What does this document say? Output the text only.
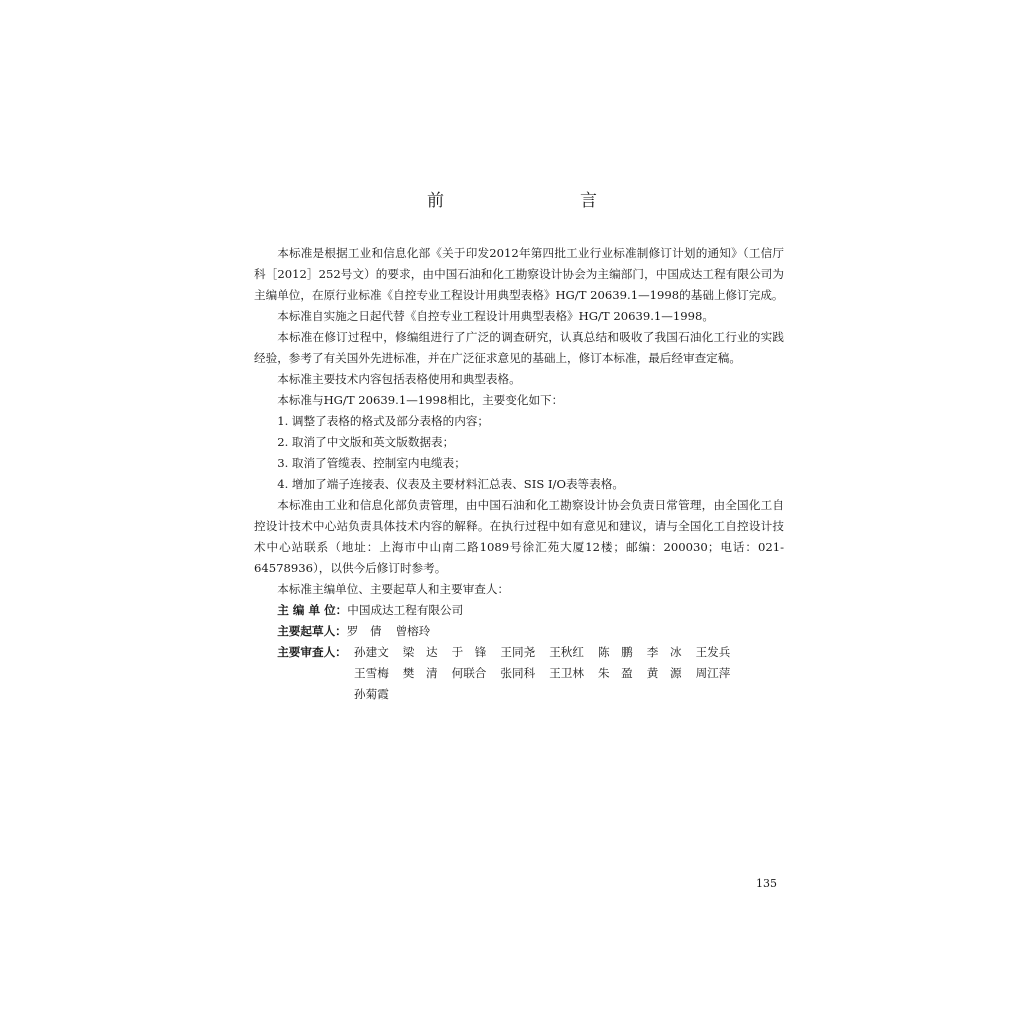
前　　言

本标准是根据工业和信息化部《关于印发2012年第四批工业行业标准制修订计划的通知》（工信厅科［2012］252号文）的要求，由中国石油和化工勘察设计协会为主编部门，中国成达工程有限公司为主编单位，在原行业标准《自控专业工程设计用典型表格》HG/T 20639.1—1998的基础上修订完成。

本标准自实施之日起代替《自控专业工程设计用典型表格》HG/T 20639.1—1998。

本标准在修订过程中，修编组进行了广泛的调查研究，认真总结和吸收了我国石油化工行业的实践经验，参考了有关国外先进标准，并在广泛征求意见的基础上，修订本标准，最后经审查定稿。

本标准主要技术内容包括表格使用和典型表格。

本标准与HG/T 20639.1—1998相比，主要变化如下：

1. 调整了表格的格式及部分表格的内容；

2. 取消了中文版和英文版数据表；

3. 取消了管缆表、控制室内电缆表；

4. 增加了端子连接表、仪表及主要材料汇总表、SIS I/O表等表格。

本标准由工业和信息化部负责管理，由中国石油和化工勘察设计协会负责日常管理，由全国化工自控设计技术中心站负责具体技术内容的解释。在执行过程中如有意见和建议，请与全国化工自控设计技术中心站联系（地址：上海市中山南二路1089号徐汇苑大厦12楼；邮编：200030；电话：021-64578936），以供今后修订时参考。

本标准主编单位、主要起草人和主要审查人：

主 编 单 位：中国成达工程有限公司

主要起草人：罗　倩 曾榕玲

主要审查人： 孙建文 梁　达 于　锋 王同尧 王秋红 陈　鹏 李　冰 王发兵
王雪梅 樊　清 何联合 张同科 王卫林 朱　盈 黄　源 周江萍
孙菊霞
135
